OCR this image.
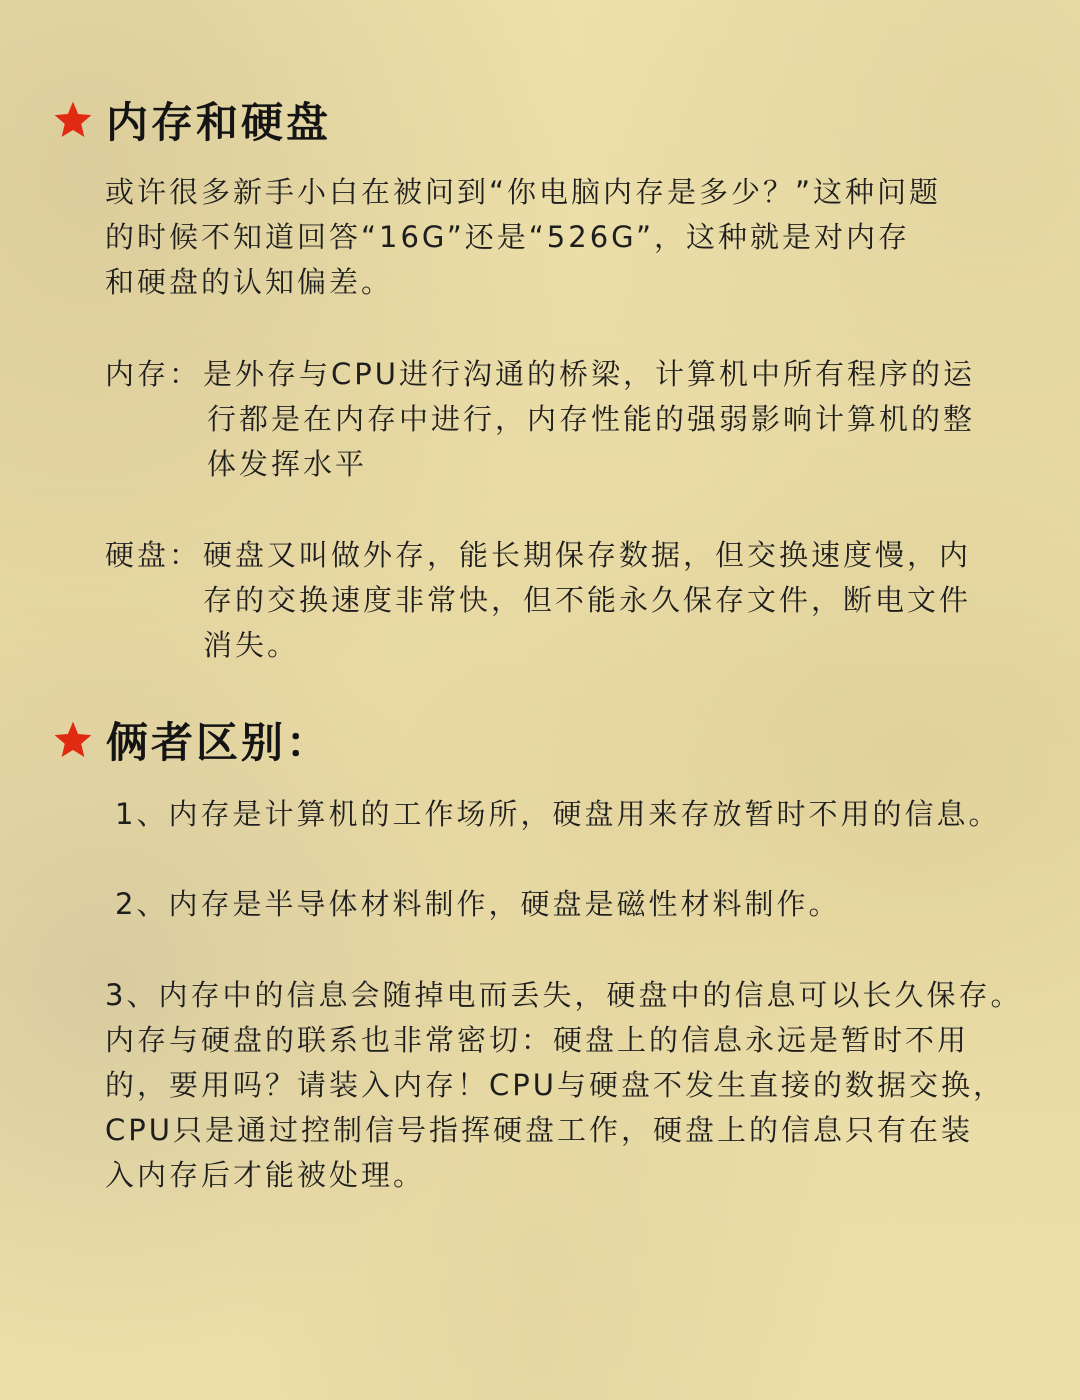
内存和硬盘
或许很多新手小白在被问到“你电脑内存是多少？”这种问题
的时候不知道回答“16G”还是“526G”，这种就是对内存
和硬盘的认知偏差。
内存： 是外存与CPU进行沟通的桥梁，计算机中所有程序的运
行都是在内存中进行，内存性能的强弱影响计算机的整
体发挥水平
硬盘： 硬盘又叫做外存，能长期保存数据，但交换速度慢，内
存的交换速度非常快，但不能永久保存文件，断电文件
消失。
俩者区别：
1、内存是计算机的工作场所，硬盘用来存放暂时不用的信息。
2、内存是半导体材料制作，硬盘是磁性材料制作。
3、内存中的信息会随掉电而丢失，硬盘中的信息可以长久保存。
内存与硬盘的联系也非常密切：硬盘上的信息永远是暂时不用
的，要用吗？请装入内存！CPU与硬盘不发生直接的数据交换，
CPU只是通过控制信号指挥硬盘工作，硬盘上的信息只有在装
入内存后才能被处理。
